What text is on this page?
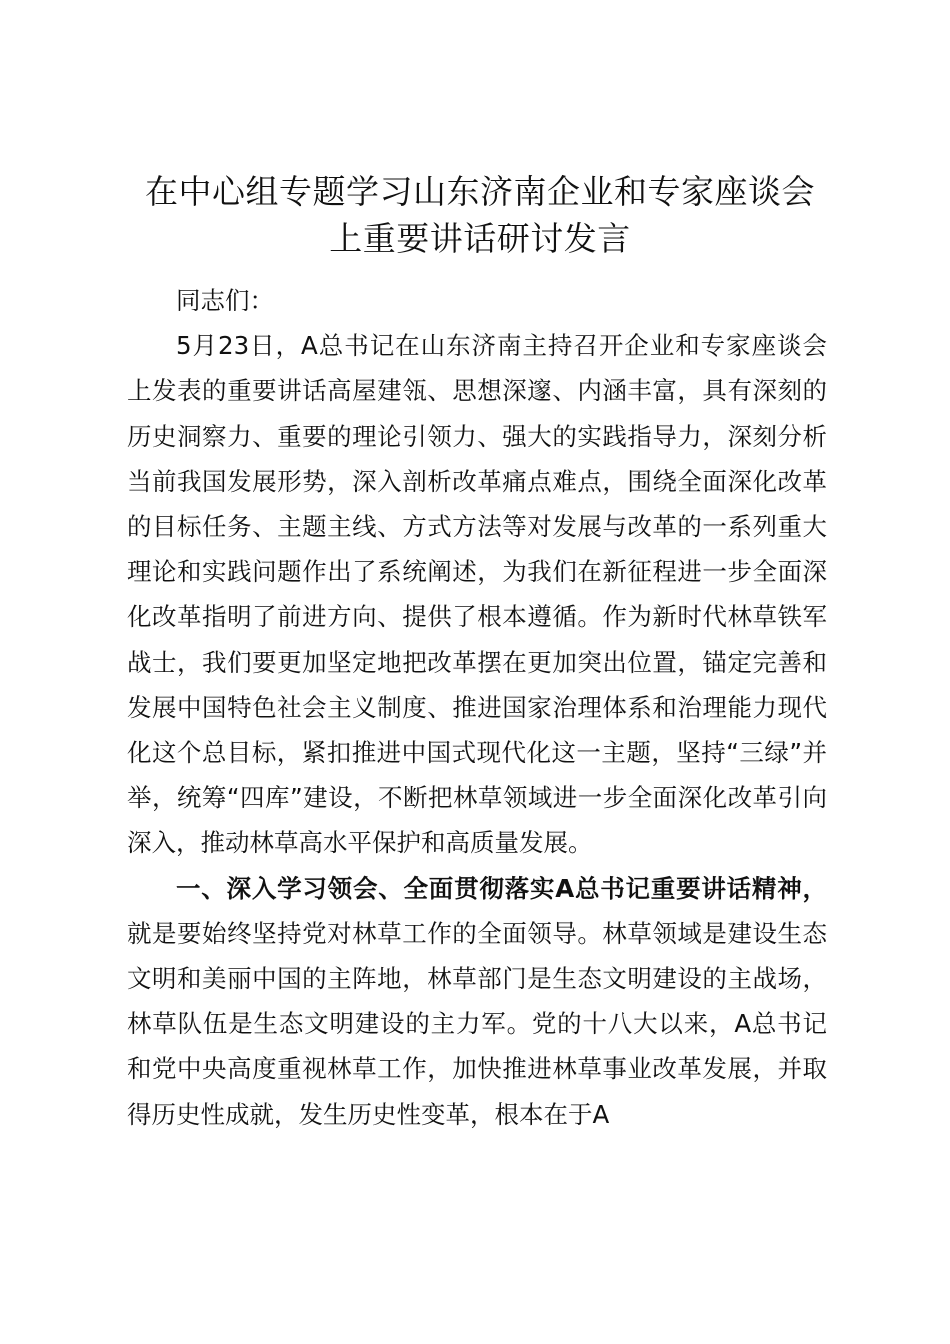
在中心组专题学习山东济南企业和专家座谈会
上重要讲话研讨发言

同志们：

5月23日，A总书记在山东济南主持召开企业和专家座谈会上发表的重要讲话高屋建瓴、思想深邃、内涵丰富，具有深刻的历史洞察力、重要的理论引领力、强大的实践指导力，深刻分析当前我国发展形势，深入剖析改革痛点难点，围绕全面深化改革的目标任务、主题主线、方式方法等对发展与改革的一系列重大理论和实践问题作出了系统阐述，为我们在新征程进一步全面深化改革指明了前进方向、提供了根本遵循。作为新时代林草铁军战士，我们要更加坚定地把改革摆在更加突出位置，锚定完善和发展中国特色社会主义制度、推进国家治理体系和治理能力现代化这个总目标，紧扣推进中国式现代化这一主题，坚持“三绿”并举，统筹“四库”建设，不断把林草领域进一步全面深化改革引向深入，推动林草高水平保护和高质量发展。

一、深入学习领会、全面贯彻落实A总书记重要讲话精神，就是要始终坚持党对林草工作的全面领导。林草领域是建设生态文明和美丽中国的主阵地，林草部门是生态文明建设的主战场，林草队伍是生态文明建设的主力军。党的十八大以来，A总书记和党中央高度重视林草工作，加快推进林草事业改革发展，并取得历史性成就，发生历史性变革，根本在于A
